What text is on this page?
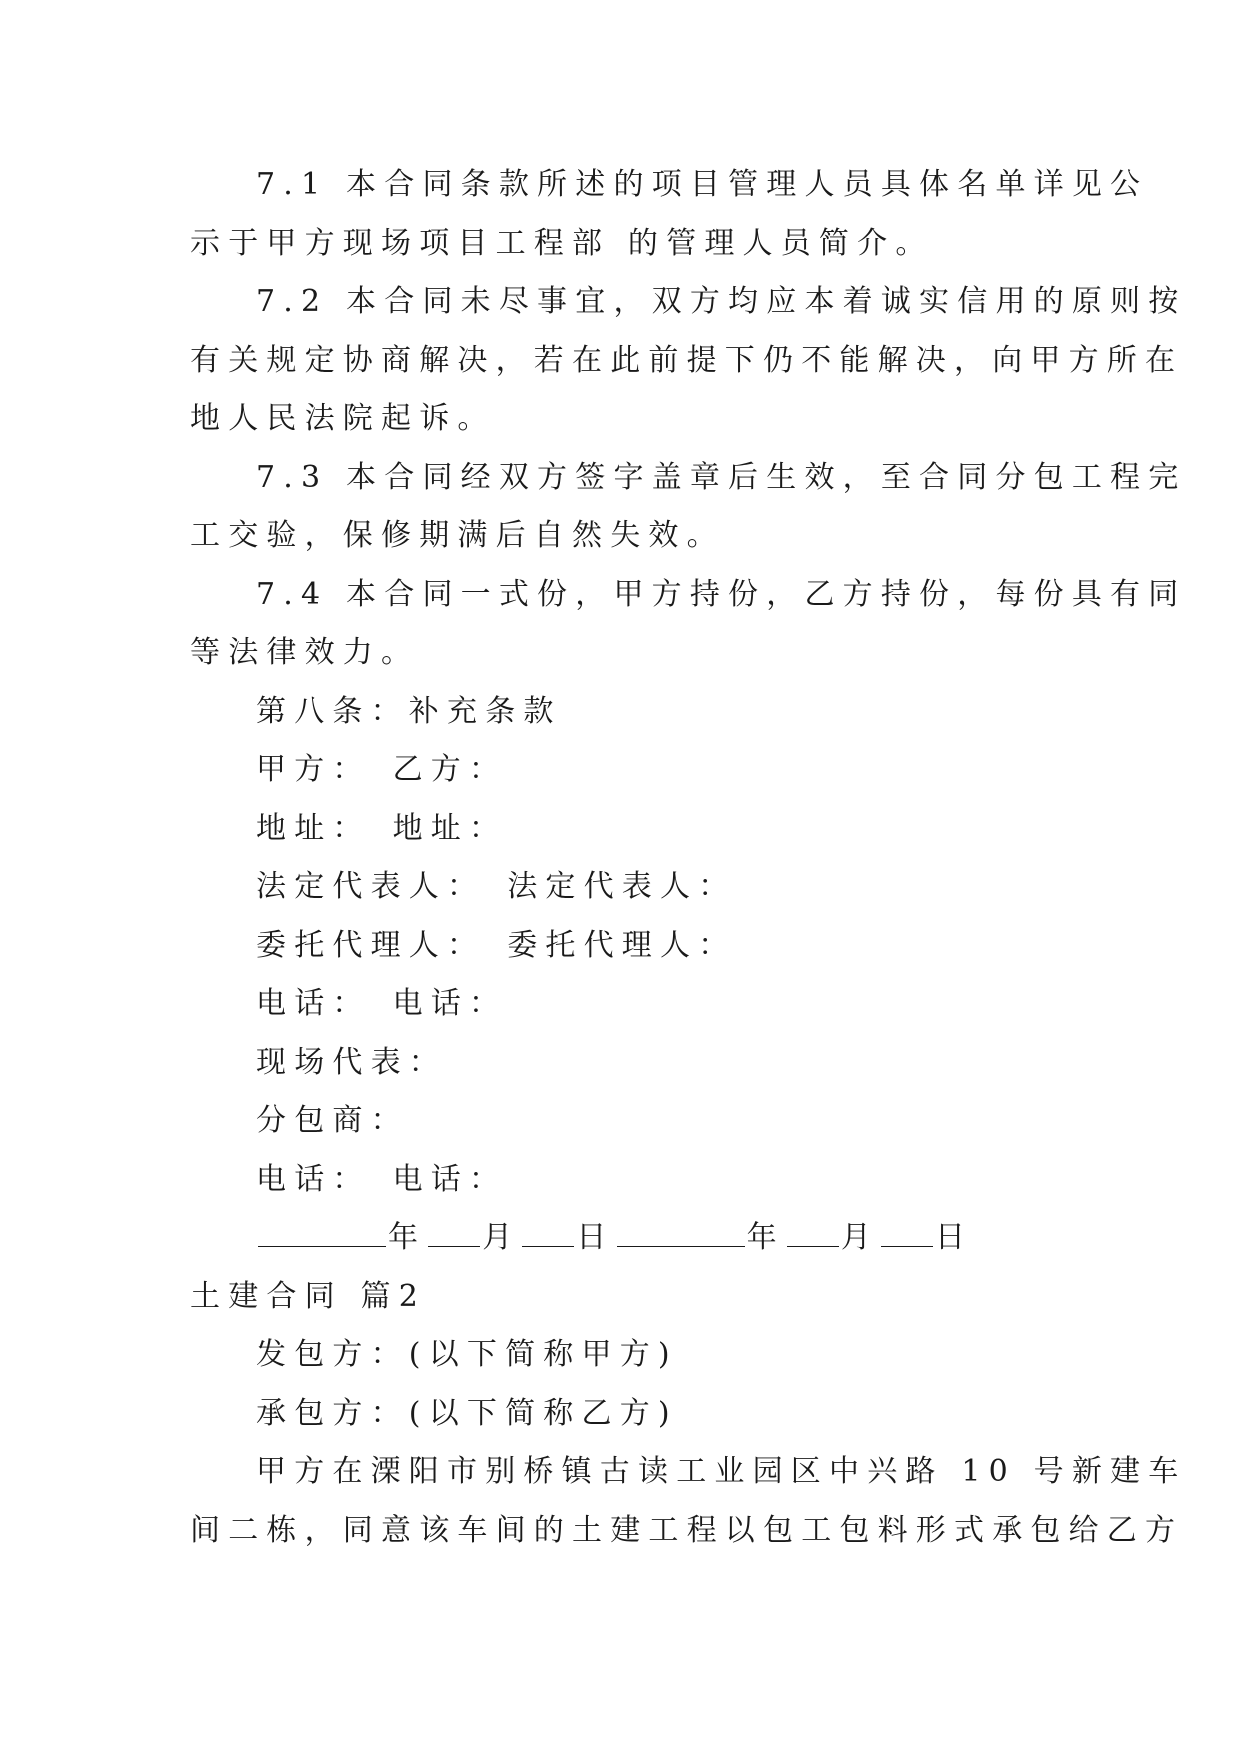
7.1 本合同条款所述的项目管理人员具体名单详见公
示于甲方现场项目工程部 的管理人员简介。
7.2 本合同未尽事宜，双方均应本着诚实信用的原则按
有关规定协商解决，若在此前提下仍不能解决，向甲方所在
地人民法院起诉。
7.3 本合同经双方签字盖章后生效，至合同分包工程完
工交验，保修期满后自然失效。
7.4 本合同一式份，甲方持份，乙方持份，每份具有同
等法律效力。
第八条：补充条款
甲方： 乙方：
地址： 地址：
法定代表人： 法定代表人：
委托代理人： 委托代理人：
电话： 电话：
现场代表：
分包商：
电话： 电话：
年 月 日	年 月 日
土建合同 篇2
发包方：(以下简称甲方)
承包方：(以下简称乙方)
甲方在溧阳市别桥镇古读工业园区中兴路 10 号新建车
间二栋，同意该车间的土建工程以包工包料形式承包给乙方
